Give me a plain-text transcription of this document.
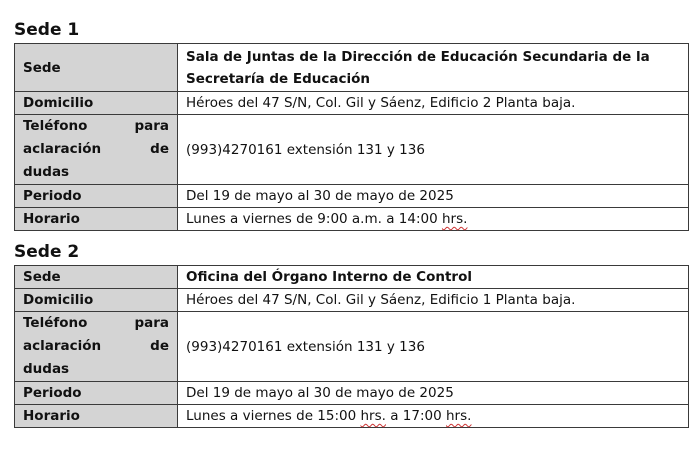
Sede 1
Sede	Sala de Juntas de la Dirección de Educación Secundaria de la Secretaría de Educación
Domicilio	Héroes del 47 S/N, Col. Gil y Sáenz, Edificio 2 Planta baja.
Teléfono para aclaración de dudas	(993)4270161 extensión 131 y 136
Periodo	Del 19 de mayo al 30 de mayo de 2025
Horario	Lunes a viernes de 9:00 a.m. a 14:00 hrs.
Sede 2
Sede	Oficina del Órgano Interno de Control
Domicilio	Héroes del 47 S/N, Col. Gil y Sáenz, Edificio 1 Planta baja.
Teléfono para aclaración de dudas	(993)4270161 extensión 131 y 136
Periodo	Del 19 de mayo al 30 de mayo de 2025
Horario	Lunes a viernes de 15:00 hrs. a 17:00 hrs.
